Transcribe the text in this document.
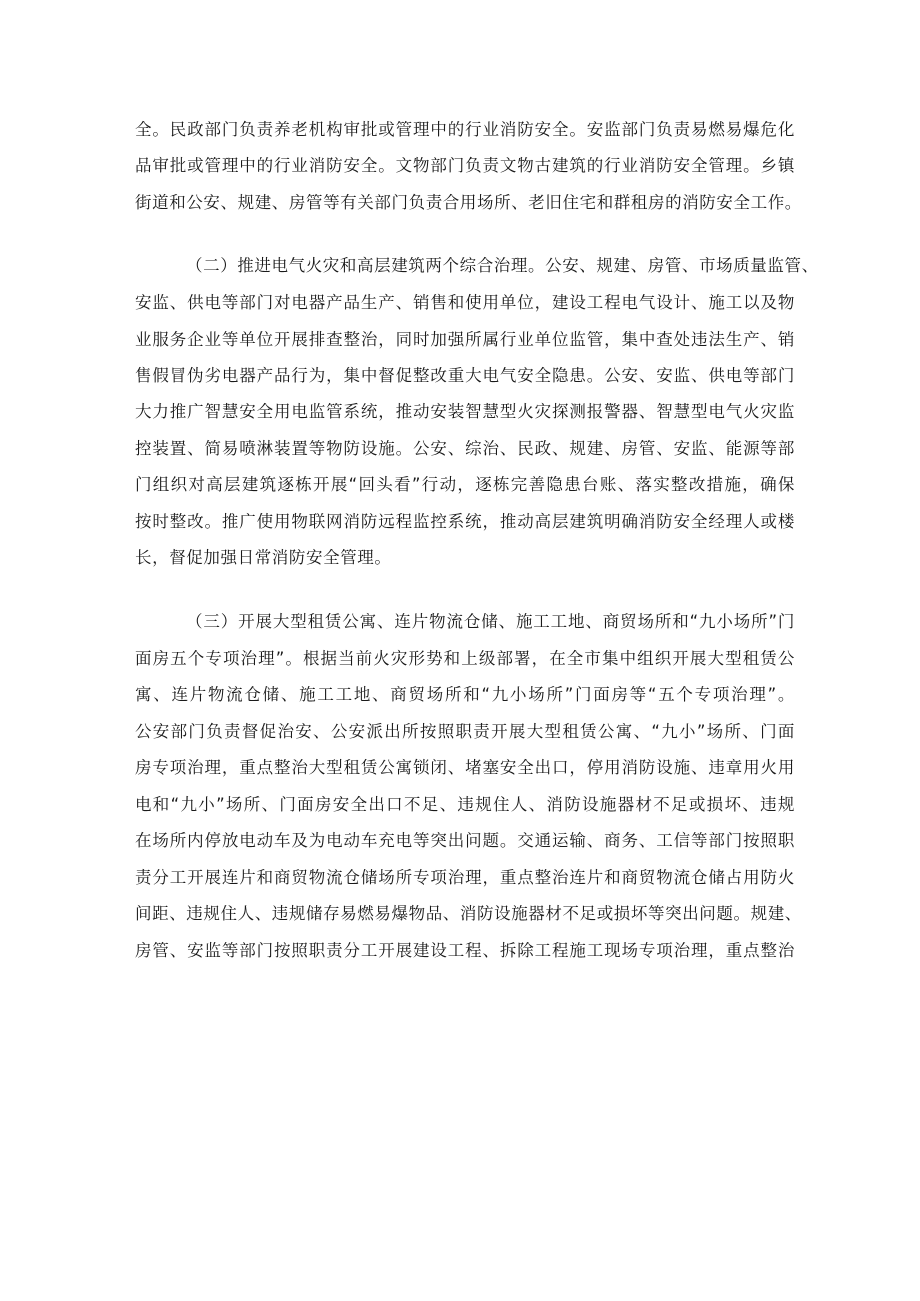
全。民政部门负责养老机构审批或管理中的行业消防安全。安监部门负责易燃易爆危化
品审批或管理中的行业消防安全。文物部门负责文物古建筑的行业消防安全管理。乡镇
街道和公安、规建、房管等有关部门负责合用场所、老旧住宅和群租房的消防安全工作。
（二）推进电气火灾和高层建筑两个综合治理。公安、规建、房管、市场质量监管、
安监、供电等部门对电器产品生产、销售和使用单位，建设工程电气设计、施工以及物
业服务企业等单位开展排查整治，同时加强所属行业单位监管，集中查处违法生产、销
售假冒伪劣电器产品行为，集中督促整改重大电气安全隐患。公安、安监、供电等部门
大力推广智慧安全用电监管系统，推动安装智慧型火灾探测报警器、智慧型电气火灾监
控装置、简易喷淋装置等物防设施。公安、综治、民政、规建、房管、安监、能源等部
门组织对高层建筑逐栋开展“回头看”行动，逐栋完善隐患台账、落实整改措施，确保
按时整改。推广使用物联网消防远程监控系统，推动高层建筑明确消防安全经理人或楼
长，督促加强日常消防安全管理。
（三）开展大型租赁公寓、连片物流仓储、施工工地、商贸场所和“九小场所”门
面房五个专项治理”。根据当前火灾形势和上级部署，在全市集中组织开展大型租赁公
寓、连片物流仓储、施工工地、商贸场所和“九小场所”门面房等“五个专项治理”。
公安部门负责督促治安、公安派出所按照职责开展大型租赁公寓、“九小”场所、门面
房专项治理，重点整治大型租赁公寓锁闭、堵塞安全出口，停用消防设施、违章用火用
电和“九小”场所、门面房安全出口不足、违规住人、消防设施器材不足或损坏、违规
在场所内停放电动车及为电动车充电等突出问题。交通运输、商务、工信等部门按照职
责分工开展连片和商贸物流仓储场所专项治理，重点整治连片和商贸物流仓储占用防火
间距、违规住人、违规储存易燃易爆物品、消防设施器材不足或损坏等突出问题。规建、
房管、安监等部门按照职责分工开展建设工程、拆除工程施工现场专项治理，重点整治
